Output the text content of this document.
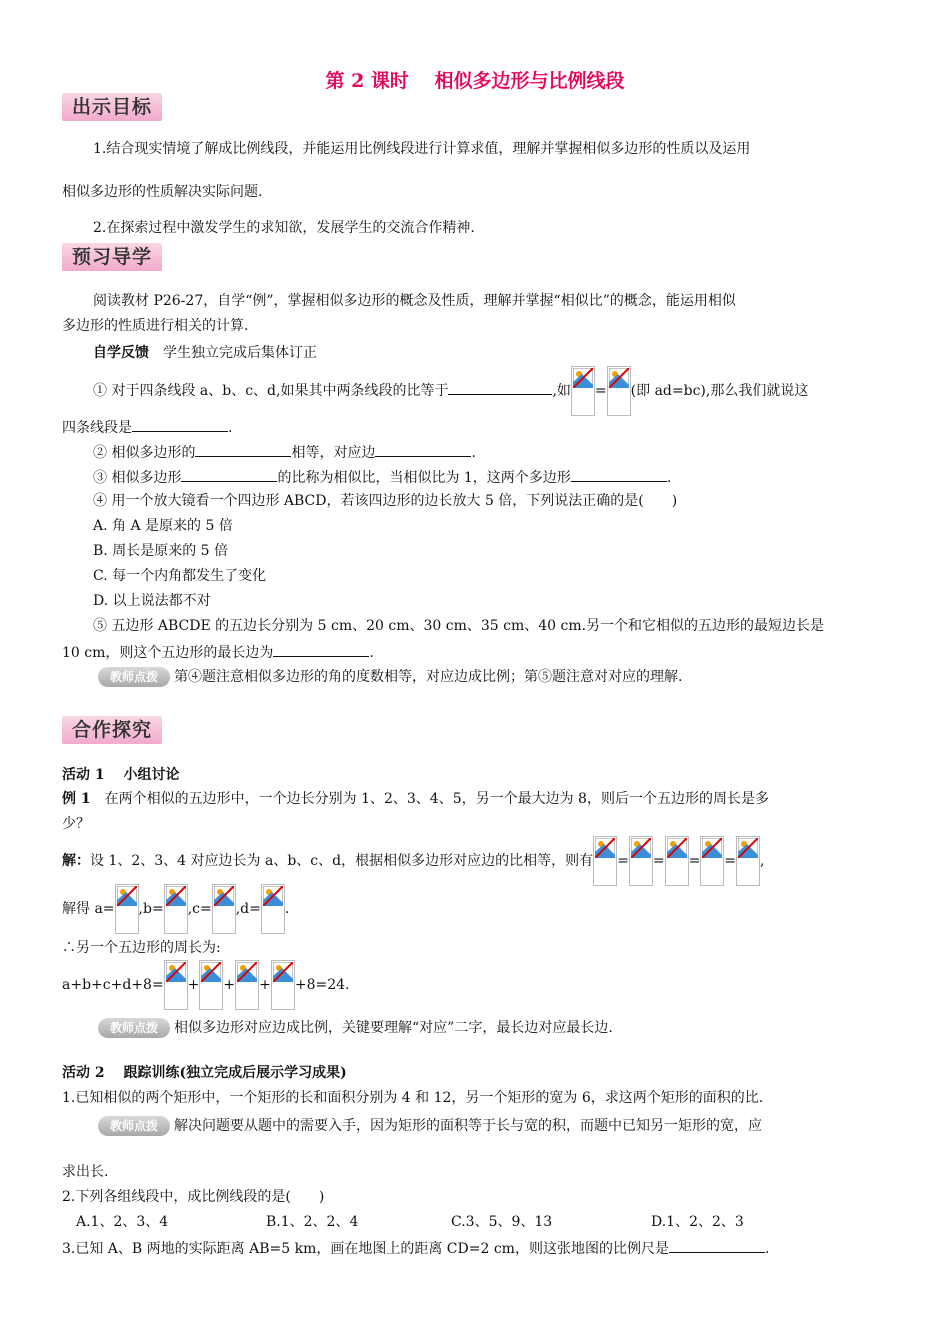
第 2 课时　 相似多边形与比例线段
出示目标
1.结合现实情境了解成比例线段，并能运用比例线段进行计算求值，理解并掌握相似多边形的性质以及运用
相似多边形的性质解决实际问题.
2.在探索过程中激发学生的求知欲，发展学生的交流合作精神.
预习导学
阅读教材 P26-27，自学“例”，掌握相似多边形的概念及性质，理解并掌握“相似比”的概念，能运用相似
多边形的性质进行相关的计算.
自学反馈　 学生独立完成后集体订正
① 对于四条线段 a、b、c、d,如果其中两条线段的比等于	,如 = (即 ad=bc),那么我们就说这
四条线段是	.
② 相似多边形的	相等，对应边	.
③ 相似多边形	的比称为相似比，当相似比为 1，这两个多边形	.
④ 用一个放大镜看一个四边形 ABCD，若该四边形的边长放大 5 倍，下列说法正确的是(　　)
A. 角 A 是原来的 5 倍
B. 周长是原来的 5 倍
C. 每一个内角都发生了变化
D. 以上说法都不对
⑤ 五边形 ABCDE 的五边长分别为 5 cm、20 cm、30 cm、35 cm、40 cm.另一个和它相似的五边形的最短边长是
10 cm，则这个五边形的最长边为	.
教师点拨 第④题注意相似多边形的角的度数相等，对应边成比例；第⑤题注意对对应的理解.
合作探究
活动 1　 小组讨论
例 1　在两个相似的五边形中，一个边长分别为 1、2、3、4、5，另一个最大边为 8，则后一个五边形的周长是多
少？
解：设 1、2、3、4 对应边长为 a、b、c、d，根据相似多边形对应边的比相等，则有 = = = = ,
解得 a= ,b= ,c= ,d= .
∴另一个五边形的周长为:
a+b+c+d+8= + + + +8=24.
教师点拨 相似多边形对应边成比例，关键要理解“对应”二字，最长边对应最长边.
活动 2　 跟踪训练(独立完成后展示学习成果)
1.已知相似的两个矩形中，一个矩形的长和面积分别为 4 和 12，另一个矩形的宽为 6，求这两个矩形的面积的比.
教师点拨 解决问题要从题中的需要入手，因为矩形的面积等于长与宽的积，而题中已知另一矩形的宽，应
求出长.
2.下列各组线段中，成比例线段的是(　　)
A.1、2、3、4	B.1、2、2、4	C.3、5、9、13	D.1、2、2、3
3.已知 A、B 两地的实际距离 AB=5 km，画在地图上的距离 CD=2 cm，则这张地图的比例尺是	.
